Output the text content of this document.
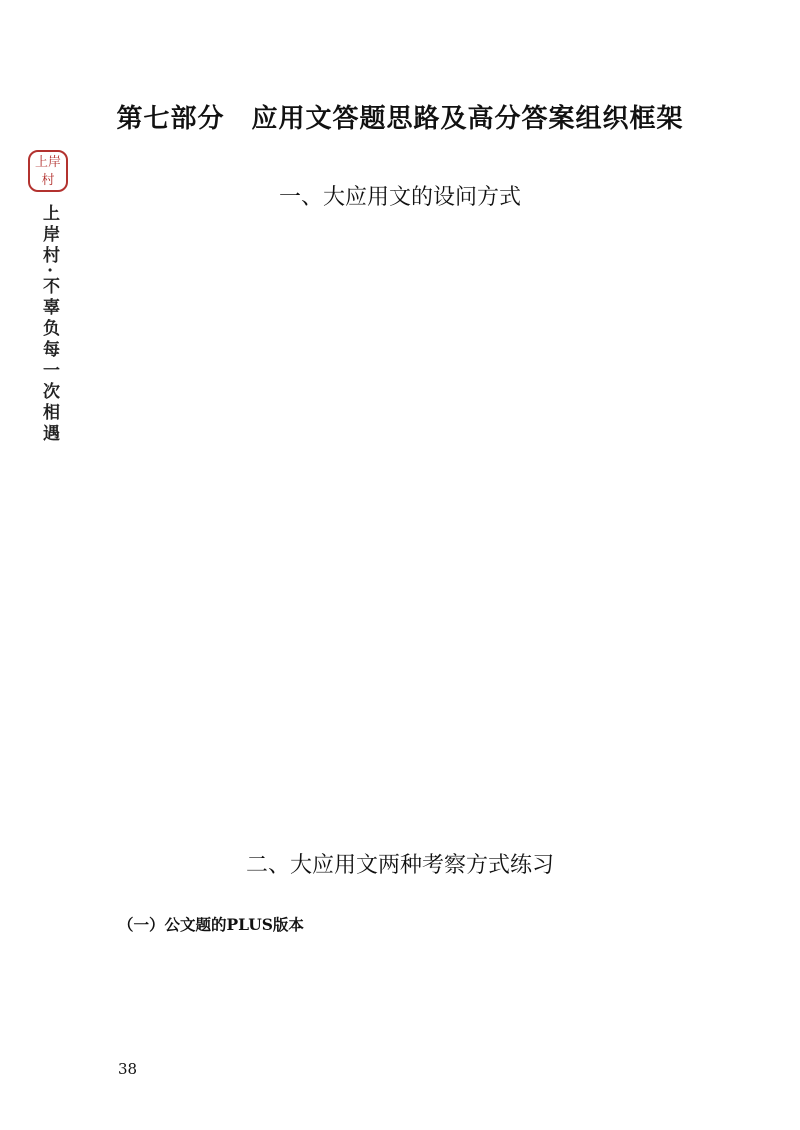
第七部分　应用文答题思路及高分答案组织框架
上岸
村
上岸村·不辜负每一次相遇
一、大应用文的设问方式

二、大应用文两种考察方式练习

（一）公文题的PLUS版本

38
